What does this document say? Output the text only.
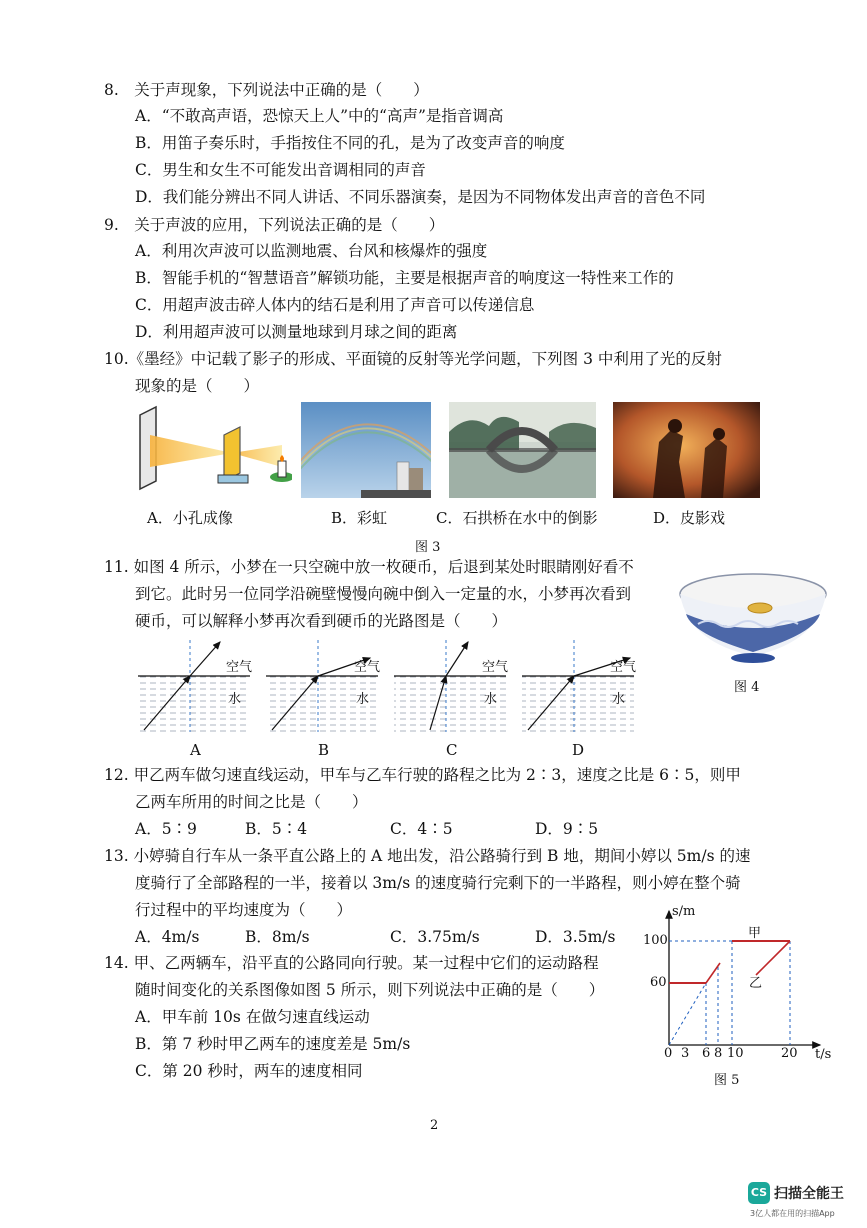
8.　关于声现象，下列说法中正确的是（　　）
A．“不敢高声语，恐惊天上人”中的“高声”是指音调高
B．用笛子奏乐时，手指按住不同的孔，是为了改变声音的响度
C．男生和女生不可能发出音调相同的声音
D．我们能分辨出不同人讲话、不同乐器演奏，是因为不同物体发出声音的音色不同
9.　关于声波的应用，下列说法正确的是（　　）
A．利用次声波可以监测地震、台风和核爆炸的强度
B．智能手机的“智慧语音”解锁功能，主要是根据声音的响度这一特性来工作的
C．用超声波击碎人体内的结石是利用了声音可以传递信息
D．利用超声波可以测量地球到月球之间的距离
10.《墨经》中记载了影子的形成、平面镜的反射等光学问题，下列图 3 中利用了光的反射
现象的是（　　）
A．小孔成像	B．彩虹	C．石拱桥在水中的倒影	D．皮影戏
图 3
11. 如图 4 所示，小梦在一只空碗中放一枚硬币，后退到某处时眼睛刚好看不
到它。此时另一位同学沿碗壁慢慢向碗中倒入一定量的水，小梦再次看到
硬币，可以解释小梦再次看到硬币的光路图是（　　）
图 4
空气
水
空气
水
空气
水
空气
水
A	B	C	D
12. 甲乙两车做匀速直线运动，甲车与乙车行驶的路程之比为 2∶3，速度之比是 6∶5，则甲
乙两车所用的时间之比是（　　）
A．5∶9	B．5∶4	C．4∶5	D．9∶5
13. 小婷骑自行车从一条平直公路上的 A 地出发，沿公路骑行到 B 地，期间小婷以 5m/s 的速
度骑行了全部路程的一半，接着以 3m/s 的速度骑行完剩下的一半路程，则小婷在整个骑
行过程中的平均速度为（　　）
A．4m/s	B．8m/s	C．3.75m/s	D．3.5m/s
14. 甲、乙两辆车，沿平直的公路同向行驶。某一过程中它们的运动路程
随时间变化的关系图像如图 5 所示，则下列说法中正确的是（　　）
A．甲车前 10s 在做匀速直线运动
B．第 7 秒时甲乙两车的速度差是 5m/s
C．第 20 秒时，两车的速度相同
s/m
t/s
100
60
0 3 6 8 10	20
甲
乙
图 5
2
CS 扫描全能王
3亿人都在用的扫描App
